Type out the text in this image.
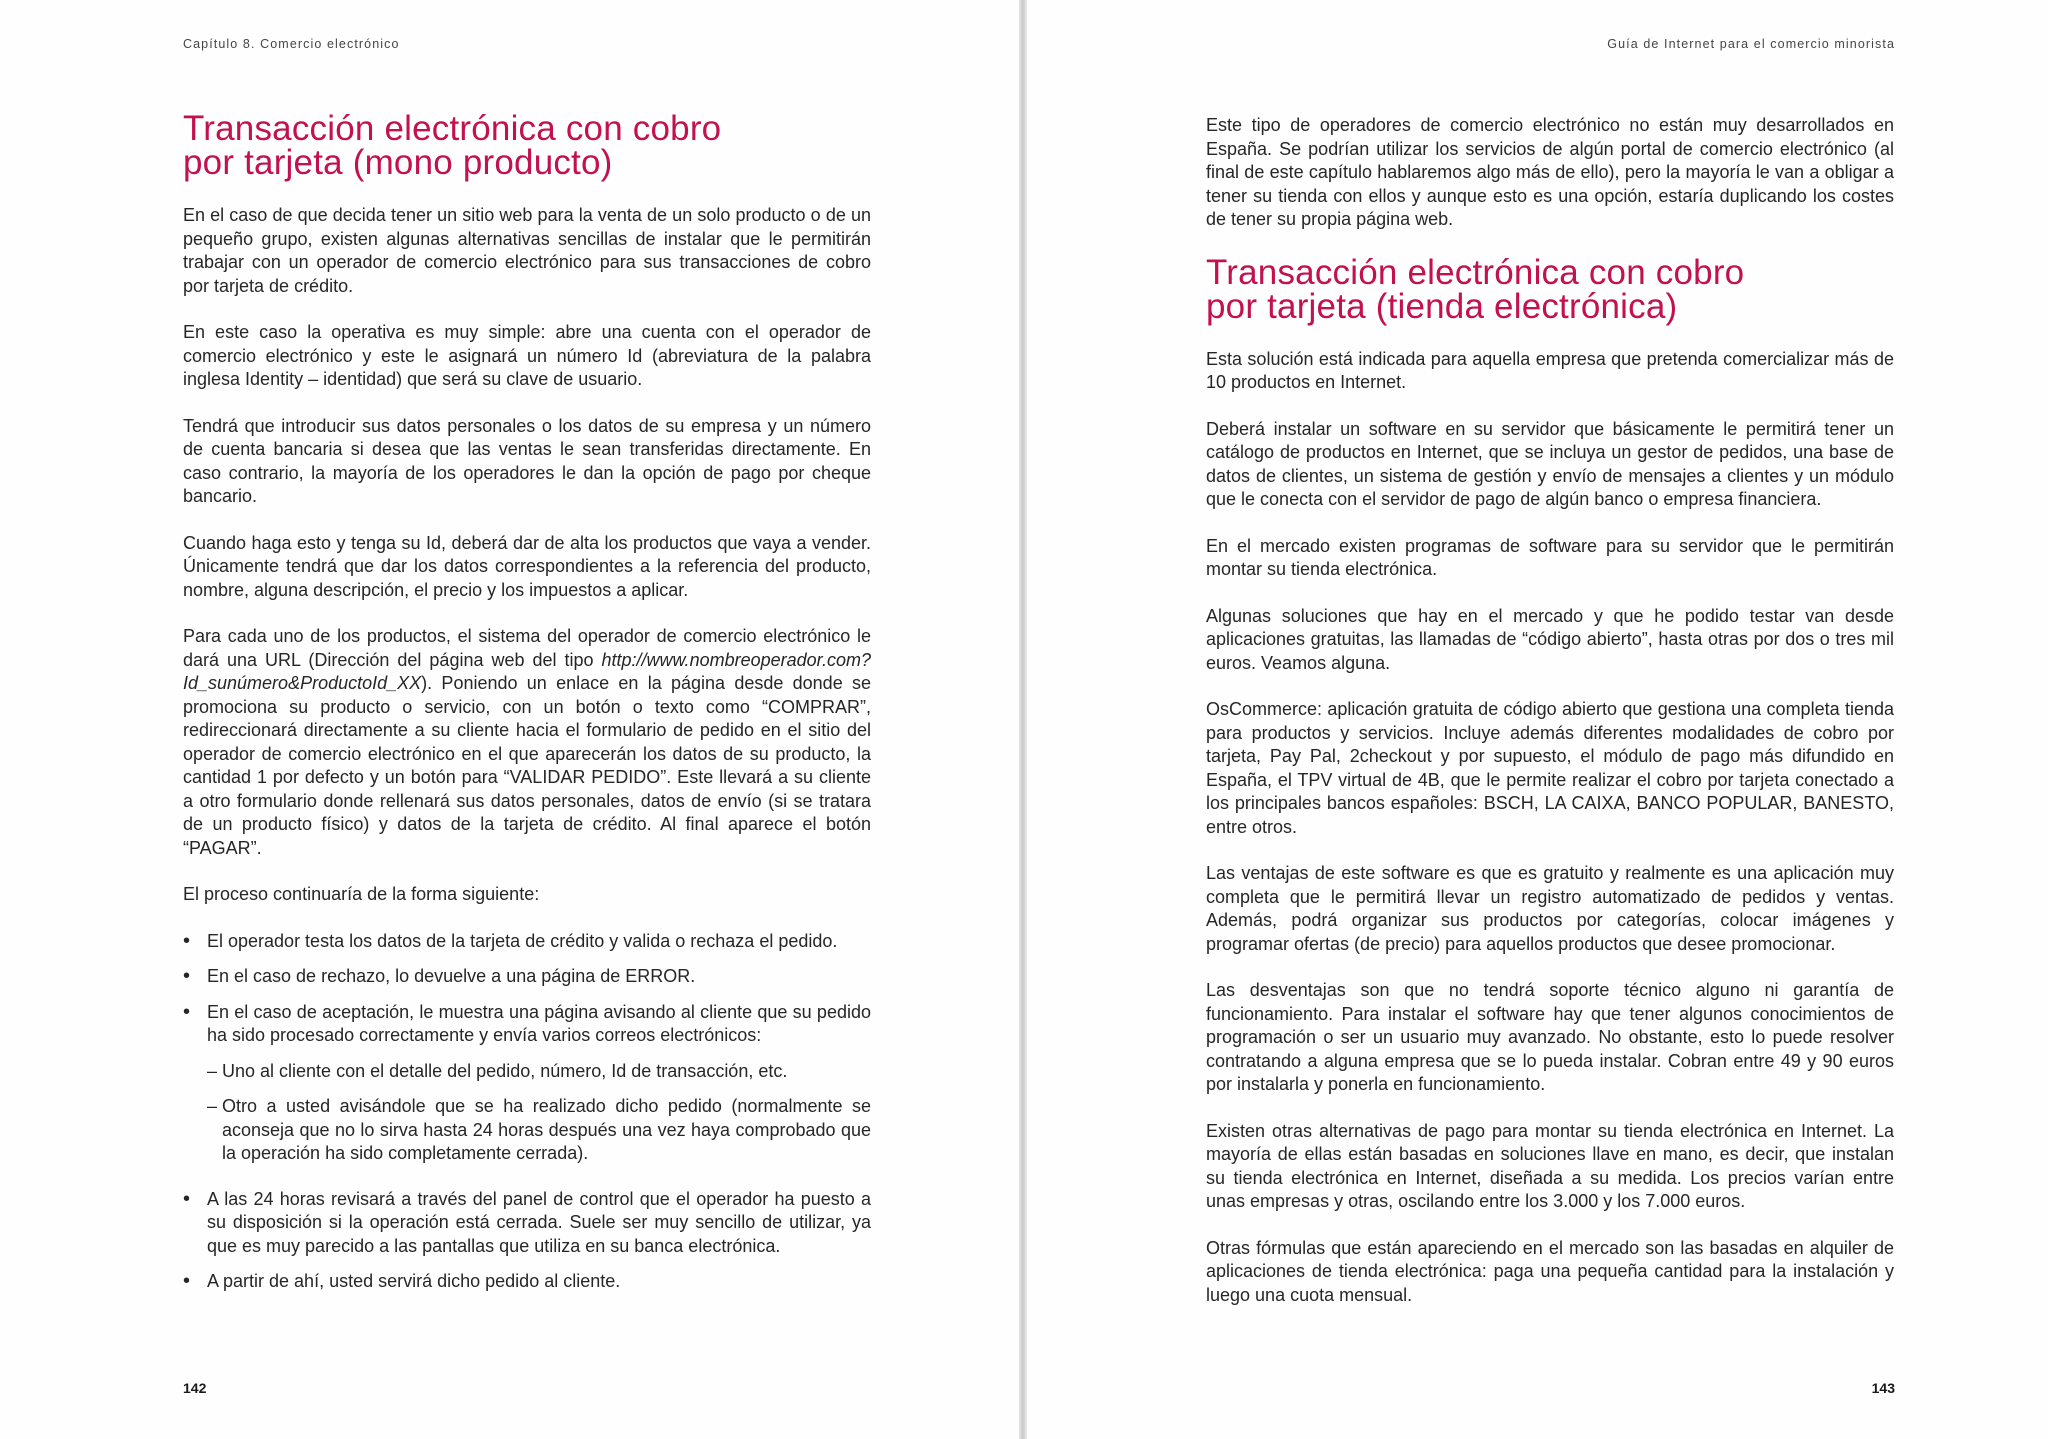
Capítulo 8. Comercio electrónico
Transacción electrónica con cobro
por tarjeta (mono producto)

En el caso de que decida tener un sitio web para la venta de un solo producto o de un pequeño grupo, existen algunas alternativas sencillas de instalar que le permitirán trabajar con un operador de comercio electrónico para sus transacciones de cobro por tarjeta de crédito.

En este caso la operativa es muy simple: abre una cuenta con el operador de comercio electrónico y este le asignará un número Id (abreviatura de la palabra inglesa Identity – identidad) que será su clave de usuario.

Tendrá que introducir sus datos personales o los datos de su empresa y un número de cuenta bancaria si desea que las ventas le sean transferidas directamente. En caso contrario, la mayoría de los operadores le dan la opción de pago por cheque bancario.

Cuando haga esto y tenga su Id, deberá dar de alta los productos que vaya a vender. Únicamente tendrá que dar los datos correspondientes a la referencia del producto, nombre, alguna descripción, el precio y los impuestos a aplicar.

Para cada uno de los productos, el sistema del operador de comercio electrónico le dará una URL (Dirección del página web del tipo http://www.nombreoperador.com?Id_sunúmero&ProductoId_XX). Poniendo un enlace en la página desde donde se promociona su producto o servicio, con un botón o texto como “COMPRAR”, redireccionará directamente a su cliente hacia el formulario de pedido en el sitio del operador de comercio electrónico en el que aparecerán los datos de su producto, la cantidad 1 por defecto y un botón para “VALIDAR PEDIDO”. Este llevará a su cliente a otro formulario donde rellenará sus datos personales, datos de envío (si se tratara de un producto físico) y datos de la tarjeta de crédito. Al final aparece el botón “PAGAR”.

El proceso continuaría de la forma siguiente:

• El operador testa los datos de la tarjeta de crédito y valida o rechaza el pedido.
• En el caso de rechazo, lo devuelve a una página de ERROR.
• En el caso de aceptación, le muestra una página avisando al cliente que su pedido ha sido procesado correctamente y envía varios correos electrónicos:
– Uno al cliente con el detalle del pedido, número, Id de transacción, etc.
– Otro a usted avisándole que se ha realizado dicho pedido (normalmente se aconseja que no lo sirva hasta 24 horas después una vez haya comprobado que la operación ha sido completamente cerrada).
• A las 24 horas revisará a través del panel de control que el operador ha puesto a su disposición si la operación está cerrada. Suele ser muy sencillo de utilizar, ya que es muy parecido a las pantallas que utiliza en su banca electrónica.
• A partir de ahí, usted servirá dicho pedido al cliente.
142
Guía de Internet para el comercio minorista
143

Este tipo de operadores de comercio electrónico no están muy desarrollados en España. Se podrían utilizar los servicios de algún portal de comercio electrónico (al final de este capítulo hablaremos algo más de ello), pero la mayoría le van a obligar a tener su tienda con ellos y aunque esto es una opción, estaría duplicando los costes de tener su propia página web.

Transacción electrónica con cobro
por tarjeta (tienda electrónica)

Esta solución está indicada para aquella empresa que pretenda comercializar más de 10 productos en Internet.

Deberá instalar un software en su servidor que básicamente le permitirá tener un catálogo de productos en Internet, que se incluya un gestor de pedidos, una base de datos de clientes, un sistema de gestión y envío de mensajes a clientes y un módulo que le conecta con el servidor de pago de algún banco o empresa financiera.

En el mercado existen programas de software para su servidor que le permitirán montar su tienda electrónica.

Algunas soluciones que hay en el mercado y que he podido testar van desde aplicaciones gratuitas, las llamadas de “código abierto”, hasta otras por dos o tres mil euros. Veamos alguna.

OsCommerce: aplicación gratuita de código abierto que gestiona una completa tienda para productos y servicios. Incluye además diferentes modalidades de cobro por tarjeta, Pay Pal, 2checkout y por supuesto, el módulo de pago más difundido en España, el TPV virtual de 4B, que le permite realizar el cobro por tarjeta conectado a los principales bancos españoles: BSCH, LA CAIXA, BANCO POPULAR, BANESTO, entre otros.

Las ventajas de este software es que es gratuito y realmente es una aplicación muy completa que le permitirá llevar un registro automatizado de pedidos y ventas. Además, podrá organizar sus productos por categorías, colocar imágenes y programar ofertas (de precio) para aquellos productos que desee promocionar.

Las desventajas son que no tendrá soporte técnico alguno ni garantía de funcionamiento. Para instalar el software hay que tener algunos conocimientos de programación o ser un usuario muy avanzado. No obstante, esto lo puede resolver contratando a alguna empresa que se lo pueda instalar. Cobran entre 49 y 90 euros por instalarla y ponerla en funcionamiento.

Existen otras alternativas de pago para montar su tienda electrónica en Internet. La mayoría de ellas están basadas en soluciones llave en mano, es decir, que instalan su tienda electrónica en Internet, diseñada a su medida. Los precios varían entre unas empresas y otras, oscilando entre los 3.000 y los 7.000 euros.

Otras fórmulas que están apareciendo en el mercado son las basadas en alquiler de aplicaciones de tienda electrónica: paga una pequeña cantidad para la instalación y luego una cuota mensual.
